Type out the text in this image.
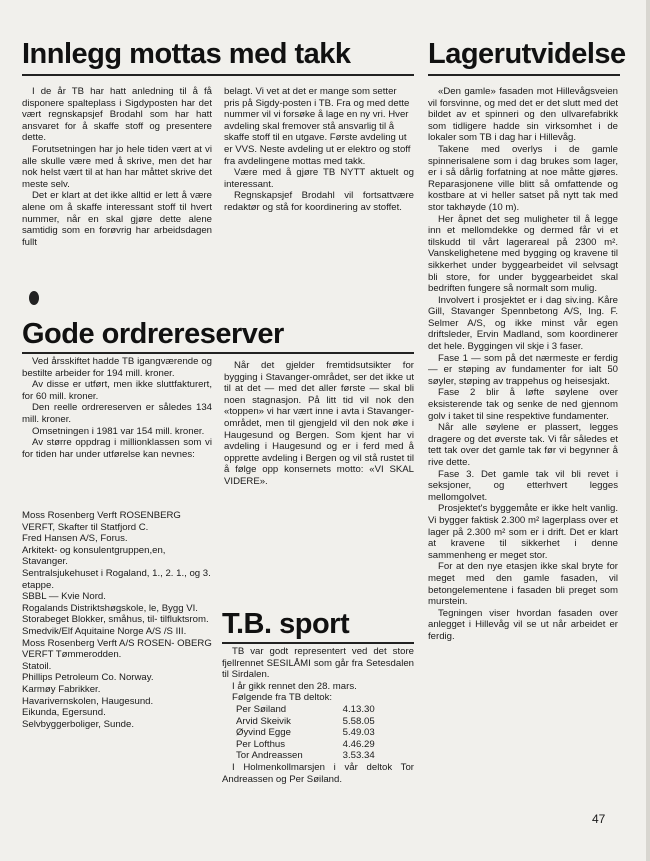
Innlegg mottas med takk

I de år TB har hatt anledning til å få disponere spalteplass i Sigdyposten har det vært regnskapsjef Brodahl som har hatt ansvaret for å skaffe stoff og presentere dette.

Forutsetningen har jo hele tiden vært at vi alle skulle være med å skrive, men det har nok helst vært til at han har måttet skrive det meste selv.

Det er klart at det ikke alltid er lett å være alene om å skaffe interessant stoff til hvert nummer, når en skal gjøre dette alene samtidig som en forøvrig har arbeidsdagen fullt

belagt. Vi vet at det er mange som setter pris på Sigdy-posten i TB. Fra og med dette nummer vil vi forsøke å lage en ny vri. Hver avdeling skal fremover stå ansvarlig til å skaffe stoff til en utgave. Første avdeling ut er VVS. Neste avdeling ut er elektro og stoff fra avdelingene mottas med takk.

Være med å gjøre TB NYTT aktuelt og interessant.

Regnskapsjef Brodahl vil fortsattvære redaktør og stå for koordinering av stoffet.

Gode ordrereserver

Ved årsskiftet hadde TB igangværende og bestilte arbeider for 194 mill. kroner.

Av disse er utført, men ikke sluttfakturert, for 60 mill. kroner.

Den reelle ordrereserven er således 134 mill. kroner.

Omsetningen i 1981 var 154 mill. kroner.

Av større oppdrag i millionklassen som vi for tiden har under utførelse kan nevnes:

Moss Rosenberg Verft ROSENBERG VERFT, Skafter til Statfjord C.

Fred Hansen A/S, Forus.

Arkitekt- og konsulentgruppen,en, Stavanger.

Sentralsjukehuset i Rogaland, 1., 2. 1., og 3. etappe.

SBBL — Kvie Nord.

Rogalands Distriktshøgskole, le, Bygg VI.

Storabeget Blokker, småhus, til- tilfluktsrom.

Smedvik/Elf Aquitaine Norge A/S /S III.

Moss Rosenberg Verft A/S ROSEN- OBERG VERFT Tømmerodden.

Statoil.

Phillips Petroleum Co. Norway.

Karmøy Fabrikker.

Havarivernskolen, Haugesund.

Eikunda, Egersund.

Selvbyggerboliger, Sunde.

Når det gjelder fremtidsutsikter for bygging i Stavanger-området, ser det ikke ut til at det — med det aller første — skal bli noen stagnasjon. På litt tid vil nok den «toppen» vi har vært inne i avta i Stavanger-området, men til gjengjeld vil den nok øke i Haugesund og Bergen. Som kjent har vi avdeling i Haugesund og er i ferd med å opprette avdeling i Bergen og vil stå rustet til å følge opp konsernets motto: «VI SKAL VIDERE».

T.B. sport

TB var godt representert ved det store fjellrennet SESILÅMI som går fra Setesdalen til Sirdalen.

I år gikk rennet den 28. mars.

Følgende fra TB deltok:

Per Søiland	4.13.30
Arvid Skeivik	5.58.05
Øyvind Egge	5.49.03
Per Lofthus	4.46.29
Tor Andreassen	3.53.34

I Holmenkollmarsjen i vår deltok Tor Andreassen og Per Søiland.

Lagerutvidelse

«Den gamle» fasaden mot Hillevågsveien vil forsvinne, og med det er det slutt med det bildet av et spinneri og den ullvarefabrikk som tidligere hadde sin virksomhet i de lokaler som TB i dag har i Hillevåg.

Takene med overlys i de gamle spinnerisalene som i dag brukes som lager, er i så dårlig forfatning at noe måtte gjøres. Reparasjonene ville blitt så omfattende og kostbare at vi heller satset på nytt tak med stor takhøyde (10 m).

Her åpnet det seg muligheter til å legge inn et mellomdekke og dermed får vi et tilskudd til vårt lagerareal på 2300 m². Vanskelighetene med bygging og kravene til sikkerhet under byggearbeidet vil selvsagt bli store, for under byggearbeidet skal bedriften fungere så normalt som mulig.

Involvert i prosjektet er i dag siv.ing. Kåre Gill, Stavanger Spennbetong A/S, Ing. F. Selmer A/S, og ikke minst vår egen driftsleder, Ervin Madland, som koordinerer det hele. Byggingen vil skje i 3 faser.

Fase 1 — som på det nærmeste er ferdig — er støping av fundamenter for ialt 50 søyler, støping av trappehus og heisesjakt.

Fase 2 blir å løfte søylene over eksisterende tak og senke de ned gjennom golv i taket til sine respektive fundamenter.

Når alle søylene er plassert, legges dragere og det øverste tak. Vi får således et tett tak over det gamle tak før vi begynner å rive dette.

Fase 3. Det gamle tak vil bli revet i seksjoner, og etterhvert legges mellomgolvet.

Prosjektet's byggemåte er ikke helt vanlig. Vi bygger faktisk 2.300 m² lagerplass over et lager på 2.300 m² som er i drift. Det er klart at kravene til sikkerhet i denne sammenheng er meget stor.

For at den nye etasjen ikke skal bryte for meget med den gamle fasaden, vil betongelementene i fasaden bli preget som murstein.

Tegningen viser hvordan fasaden over anlegget i Hillevåg vil se ut når arbeidet er ferdig.

47
